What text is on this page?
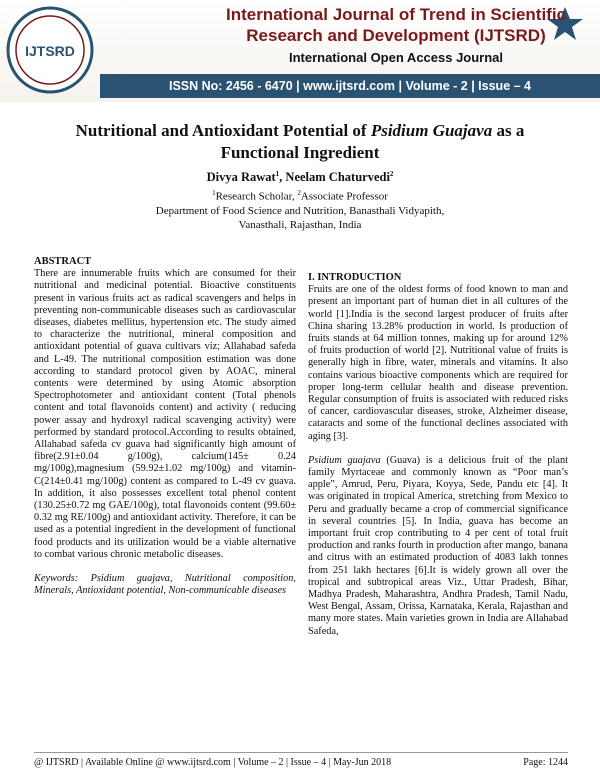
IJTSRD
International Journal of Trend in Scientific
Research and Development (IJTSRD)
International Open Access Journal
ISSN No: 2456 - 6470 | www.ijtsrd.com | Volume - 2 | Issue – 4
Nutritional and Antioxidant Potential of Psidium Guajava as a
Functional Ingredient
Divya Rawat$^1$, Neelam Chaturvedi$^2$
$^1$Research Scholar, $^2$Associate Professor
Department of Food Science and Nutrition, Banasthali Vidyapith,
Vanasthali, Rajasthan, India
ABSTRACT

There are innumerable fruits which are consumed for their nutritional and medicinal potential. Bioactive constituents present in various fruits act as radical scavengers and helps in preventing non-communicable diseases such as cardiovascular diseases, diabetes mellitus, hypertension etc. The study aimed to characterize the nutritional, mineral composition and antioxidant potential of guava cultivars viz; Allahabad safeda and L-49. The nutritional composition estimation was done according to standard protocol given by AOAC, mineral contents were determined by using Atomic absorption Spectrophotometer and antioxidant content (Total phenols content and total flavonoids content) and activity ( reducing power assay and hydroxyl radical scavenging activity) were performed by standard protocol.According to results obtained, Allahabad safeda cv guava had significantly high amount of fibre(2.91±0.04 g/100g), calcium(145± 0.24 mg/100g),magnesium (59.92±1.02 mg/100g) and vitamin-C(214±0.41 mg/100g) content as compared to L-49 cv guava. In addition, it also possesses excellent total phenol content (130.25±0.72 mg GAE/100g), total flavonoids content (99.60± 0.32 mg RE/100g) and antioxidant activity. Therefore, it can be used as a potential ingredient in the development of functional food products and its utilization would be a viable alternative to combat various chronic metabolic diseases.

Keywords: Psidium guajava, Nutritional composition, Minerals, Antioxidant potential, Non-communicable diseases

I. INTRODUCTION

Fruits are one of the oldest forms of food known to man and present an important part of human diet in all cultures of the world [1].India is the second largest producer of fruits after China sharing 13.28% production in world. Is production of fruits stands at 64 million tonnes, making up for around 12% of fruits production of world [2]. Nutritional value of fruits is generally high in fibre, water, minerals and vitamins. It also contains various bioactive components which are required for proper long-term cellular health and disease prevention. Regular consumption of fruits is associated with reduced risks of cancer, cardiovascular diseases, stroke, Alzheimer disease, cataracts and some of the functional declines associated with aging [3].

Psidium guajava (Guava) is a delicious fruit of the plant family Myrtaceae and commonly known as “Poor man’s apple”, Amrud, Peru, Piyara, Koyya, Sede, Pandu etc [4]. It was originated in tropical America, stretching from Mexico to Peru and gradually became a crop of commercial significance in several countries [5]. In India, guava has become an important fruit crop contributing to 4 per cent of total fruit production and ranks fourth in production after mango, banana and citrus with an estimated production of 4083 lakh tonnes from 251 lakh hectares [6].It is widely grown all over the tropical and subtropical areas Viz., Uttar Pradesh, Bihar, Madhya Pradesh, Maharashtra, Andhra Pradesh, Tamil Nadu, West Bengal, Assam, Orissa, Karnataka, Kerala, Rajasthan and many more states. Main varieties grown in India are Allahabad Safeda,

@ IJTSRD | Available Online @ www.ijtsrd.com | Volume – 2 | Issue – 4 | May-Jun 2018	Page: 1244
